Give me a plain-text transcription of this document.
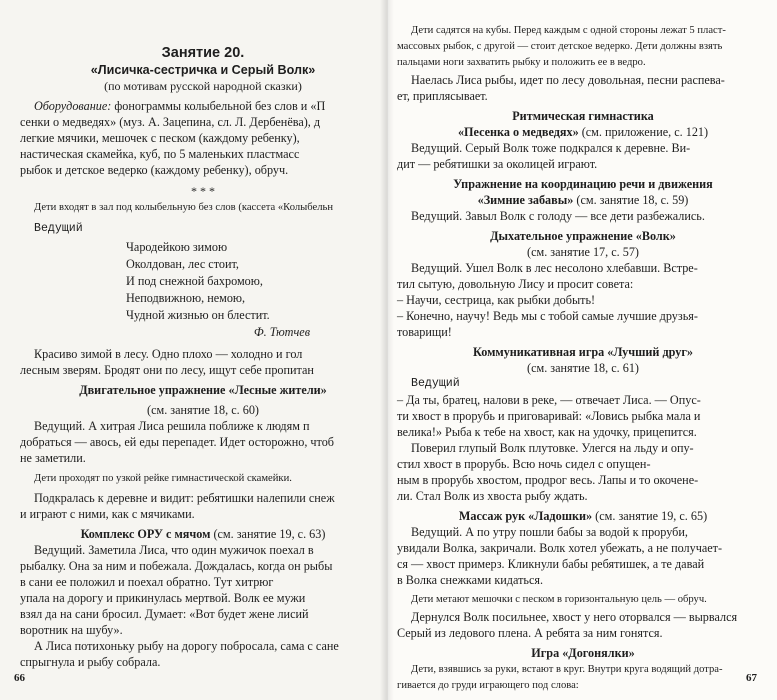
Занятие 20.
«Лисичка-сестричка и Серый Волк»
(по мотивам русской народной сказки)
Оборудование: фонограммы колыбельной без слов и «П
сенки о медведях» (муз. А. Зацепина, сл. Л. Дербенёва), д
легкие мячики, мешочек с песком (каждому ребенку),
настическая скамейка, куб, по 5 маленьких пластмасс
рыбок и детское ведерко (каждому ребенку), обруч.
* * *
Дети входят в зал под колыбельную без слов (кассета «Колыбельн
Ведущий
Чародейкою зимою
Околдован, лес стоит,
И под снежной бахромою,
Неподвижною, немою,
Чудной жизнью он блестит.
Ф. Тютчев
Красиво зимой в лесу. Одно плохо — холодно и гол
лесным зверям. Бродят они по лесу, ищут себе пропитан
Двигательное упражнение «Лесные жители»
(см. занятие 18, с. 60)
Ведущий. А хитрая Лиса решила поближе к людям п
добраться — авось, ей еды перепадет. Идет осторожно, чтоб
не заметили.
Дети проходят по узкой рейке гимнастической скамейки.
Подкралась к деревне и видит: ребятишки налепили снеж
и играют с ними, как с мячиками.
Комплекс ОРУ с мячом (см. занятие 19, с. 63)
Ведущий. Заметила Лиса, что один мужичок поехал в
рыбалку. Она за ним и побежала. Дождалась, когда он рыбы
в сани ее положил и поехал обратно. Тут хитрюг
упала на дорогу и прикинулась мертвой. Волк ее мужи
взял да на сани бросил. Думает: «Вот будет жене лисий
воротник на шубу».
А Лиса потихоньку рыбу на дорогу побросала, сама с сане
спрыгнула и рыбу собрала.
66
Дети садятся на кубы. Перед каждым с одной стороны лежат 5 пласт-
массовых рыбок, с другой — стоит детское ведерко. Дети должны взять
пальцами ноги захватить рыбку и положить ее в ведро.
Наелась Лиса рыбы, идет по лесу довольная, песни распева-
ет, приплясывает.
Ритмическая гимнастика
«Песенка о медведях» (см. приложение, с. 121)
Ведущий. Серый Волк тоже подкрался к деревне. Ви-
дит — ребятишки за околицей играют.
Упражнение на координацию речи и движения
«Зимние забавы» (см. занятие 18, с. 59)
Ведущий. Завыл Волк с голоду — все дети разбежались.
Дыхательное упражнение «Волк»
(см. занятие 17, с. 57)
Ведущий. Ушел Волк в лес несолоно хлебавши. Встре-
тил сытую, довольную Лису и просит совета:
– Научи, сестрица, как рыбки добыть!
– Конечно, научу! Ведь мы с тобой самые лучшие друзья-
товарищи!
Коммуникативная игра «Лучший друг»
(см. занятие 18, с. 61)
Ведущий
– Да ты, братец, налови в реке, — отвечает Лиса. — Опус-
ти хвост в прорубь и приговаривай: «Ловись рыбка мала и
велика!» Рыба к тебе на хвост, как на удочку, прицепится.
Поверил глупый Волк плутовке. Улегся на льду и опу-
стил хвост в прорубь. Всю ночь сидел с опущен-
ным в прорубь хвостом, продрог весь. Лапы и то окочене-
ли. Стал Волк из хвоста рыбу ждать.
Массаж рук «Ладошки» (см. занятие 19, с. 65)
Ведущий. А по утру пошли бабы за водой к проруби,
увидали Волка, закричали. Волк хотел убежать, а не получает-
ся — хвост примерз. Кликнули бабы ребятишек, а те давай
в Волка снежками кидаться.
Дети метают мешочки с песком в горизонтальную цель — обруч.
Дернулся Волк посильнее, хвост у него оторвался — вырвался
Серый из ледового плена. А ребята за ним гонятся.
Игра «Догонялки»
Дети, взявшись за руки, встают в круг. Внутри круга водящий дотра-
гивается до груди играющего под слова:
67
